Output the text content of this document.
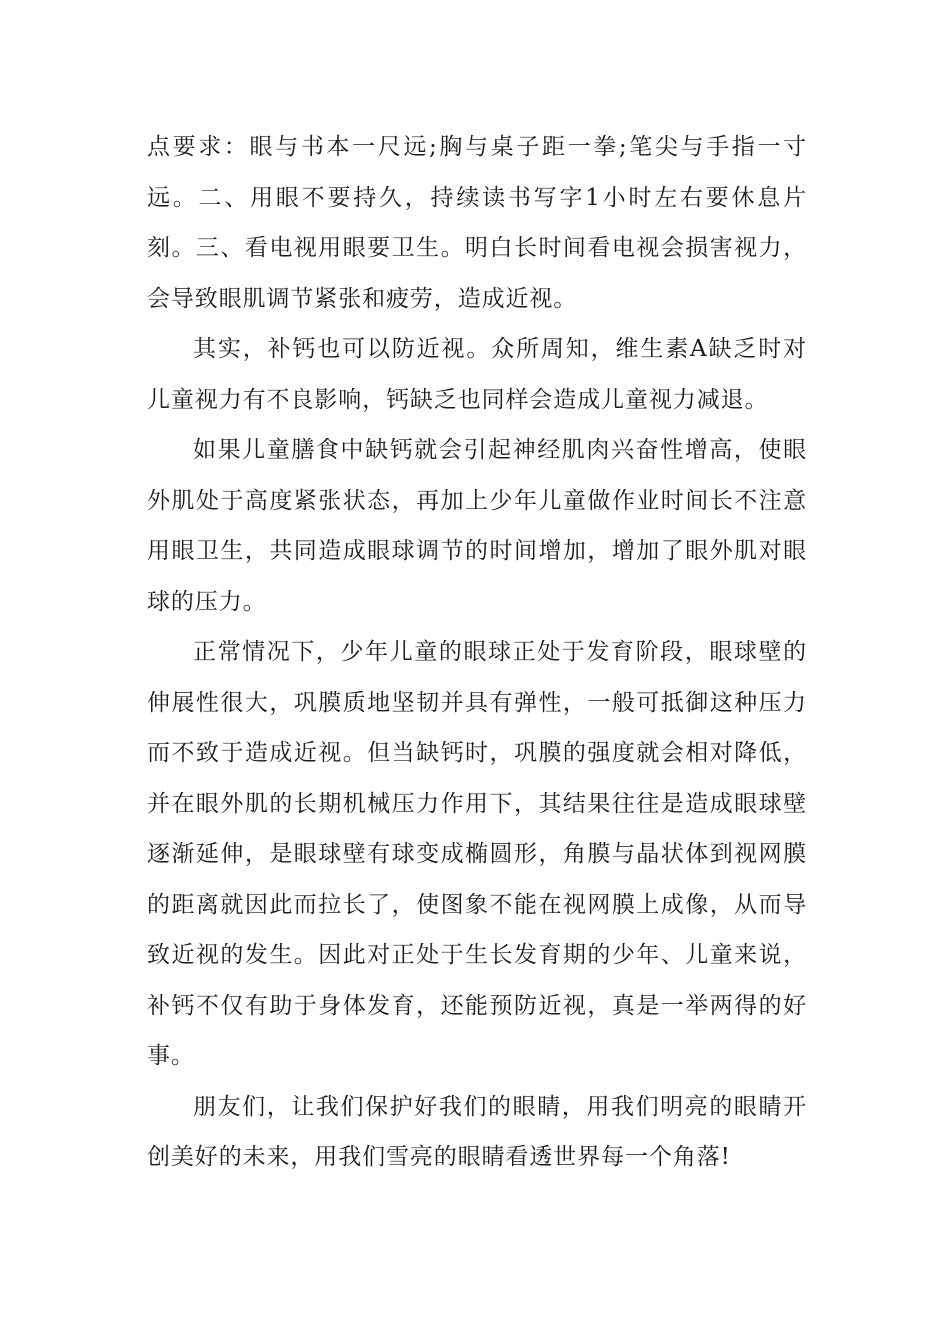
点要求：眼与书本一尺远;胸与桌子距一拳;笔尖与手指一寸远。二、用眼不要持久，持续读书写字1小时左右要休息片刻。三、看电视用眼要卫生。明白长时间看电视会损害视力，会导致眼肌调节紧张和疲劳，造成近视。

其实，补钙也可以防近视。众所周知，维生素A缺乏时对儿童视力有不良影响，钙缺乏也同样会造成儿童视力减退。

如果儿童膳食中缺钙就会引起神经肌肉兴奋性增高，使眼外肌处于高度紧张状态，再加上少年儿童做作业时间长不注意用眼卫生，共同造成眼球调节的时间增加，增加了眼外肌对眼球的压力。

正常情况下，少年儿童的眼球正处于发育阶段，眼球壁的伸展性很大，巩膜质地坚韧并具有弹性，一般可抵御这种压力而不致于造成近视。但当缺钙时，巩膜的强度就会相对降低，并在眼外肌的长期机械压力作用下，其结果往往是造成眼球壁逐渐延伸，是眼球壁有球变成椭圆形，角膜与晶状体到视网膜的距离就因此而拉长了，使图象不能在视网膜上成像，从而导致近视的发生。因此对正处于生长发育期的少年、儿童来说，补钙不仅有助于身体发育，还能预防近视，真是一举两得的好事。

朋友们，让我们保护好我们的眼睛，用我们明亮的眼睛开创美好的未来，用我们雪亮的眼睛看透世界每一个角落!
